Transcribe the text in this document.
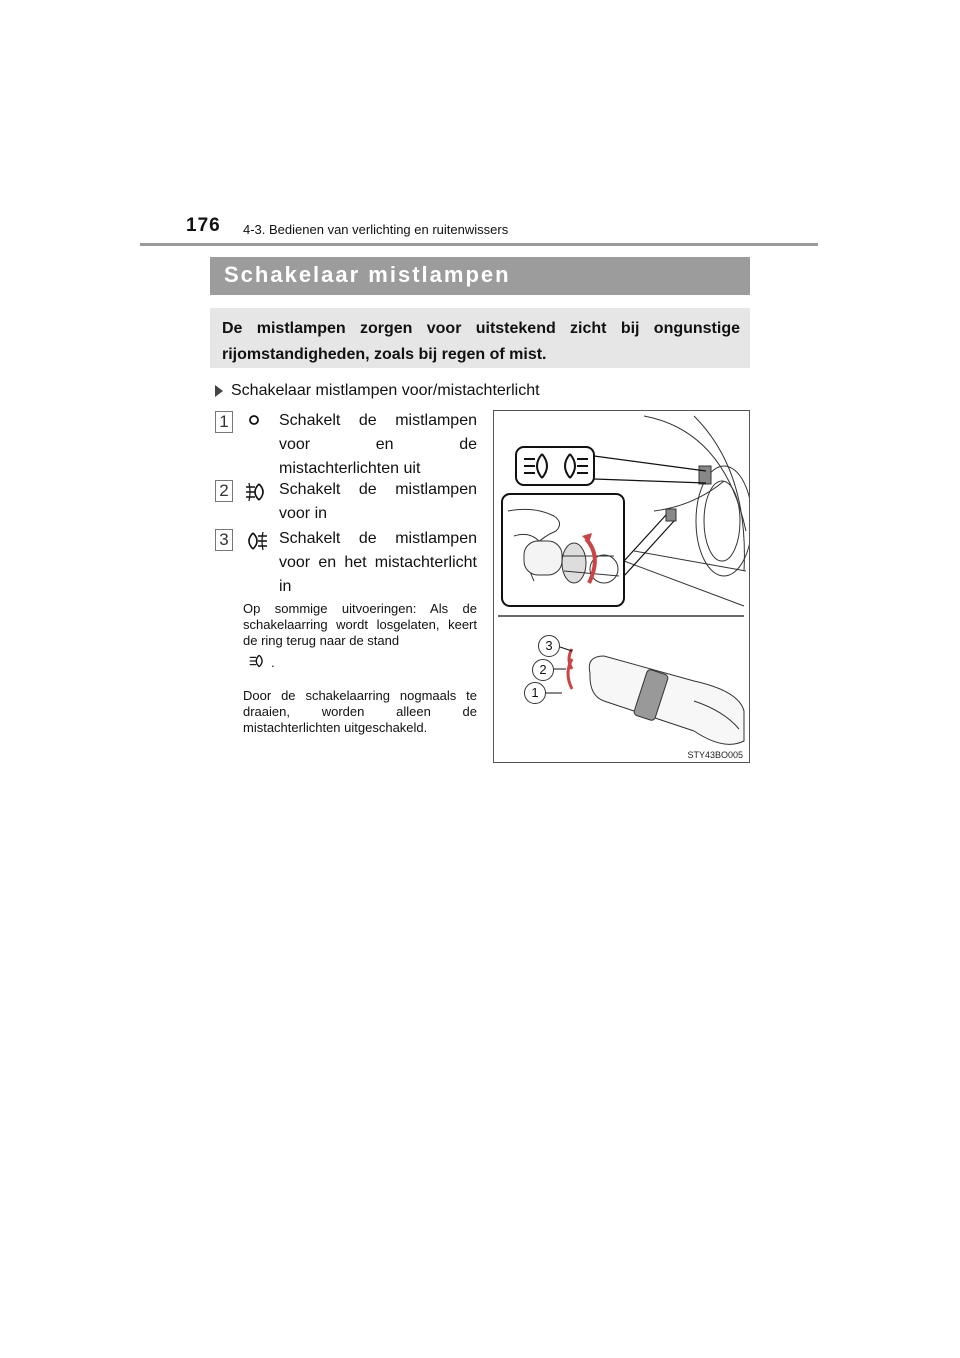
176 4-3. Bedienen van verlichting en ruitenwissers
Schakelaar mistlampen
De mistlampen zorgen voor uitstekend zicht bij ongunstige rijomstandigheden, zoals bij regen of mist.
Schakelaar mistlampen voor/mistachterlicht
1	Schakelt de mistlampen voor en de mistachterlichten uit
2	Schakelt de mistlampen voor in
3	Schakelt de mistlampen voor en het mistachterlicht in
Op sommige uitvoeringen: Als de schakelaarring wordt losgelaten, keert de ring terug naar de stand
.
Door de schakelaarring nogmaals te draaien, worden alleen de mistachterlichten uitgeschakeld.
3
2
1
STY43BO005
